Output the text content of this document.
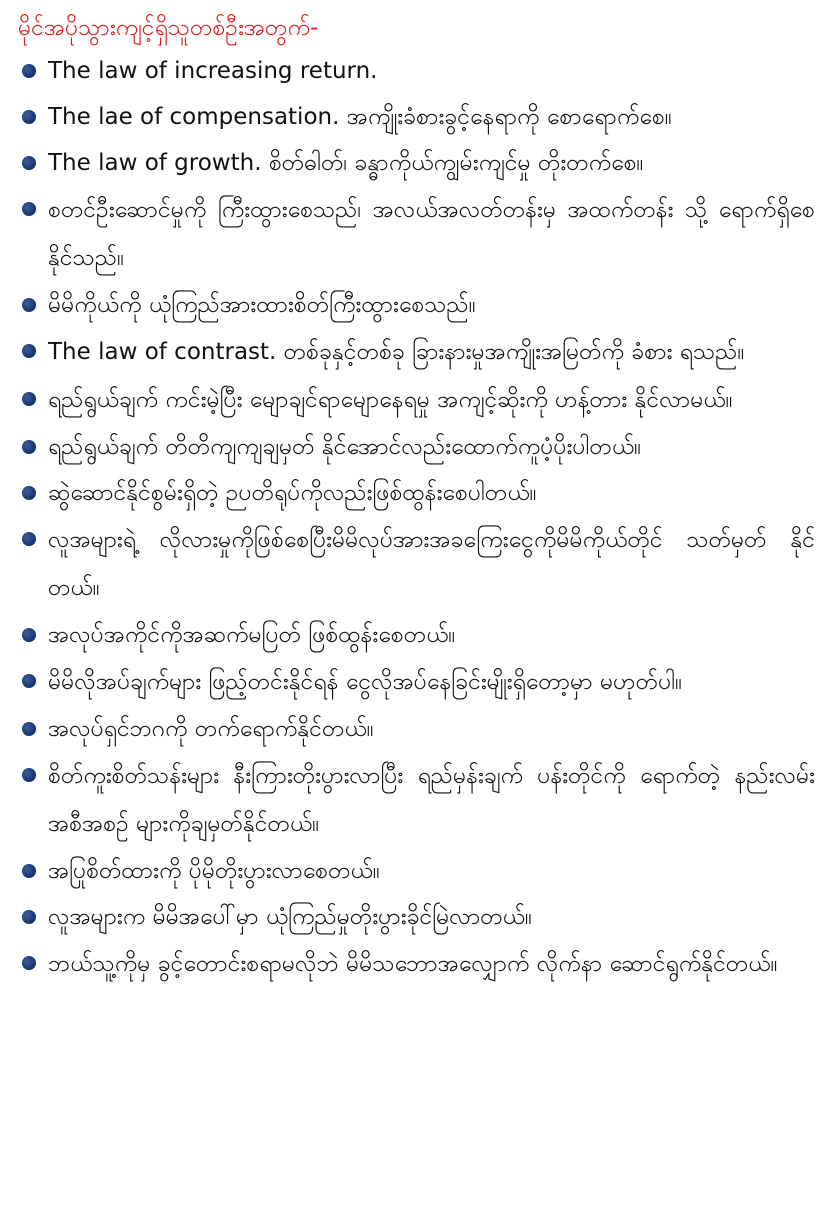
မိုင်အပိုသွားကျင့်ရှိသူတစ်ဦးအတွက်-
The law of increasing return.
The lae of compensation. အကျိုးခံစားခွင့်နေရာကို စောရောက်စေ။
The law of growth. စိတ်ဓါတ်၊ ခန္ဓာကိုယ်ကျွမ်းကျင်မှု တိုးတက်စေ။
စတင်ဦးဆောင်မှုကို ကြီးထွားစေသည်၊ အလယ်အလတ်တန်းမှ အထက်တန်း သို့ ရောက်ရှိစေနိုင်သည်။
မိမိကိုယ်ကို ယုံကြည်အားထားစိတ်ကြီးထွားစေသည်။
The law of contrast. တစ်ခုနှင့်တစ်ခု ခြားနားမှုအကျိုးအမြတ်ကို ခံစား ရသည်။
ရည်ရွယ်ချက် ကင်းမဲ့ပြီး မျောချင်ရာမျောနေရမှု အကျင့်ဆိုးကို ဟန့်တား နိုင်လာမယ်။
ရည်ရွယ်ချက် တိတိကျကျချမှတ် နိုင်အောင်လည်းထောက်ကူပံ့ပိုးပါတယ်။
ဆွဲဆောင်နိုင်စွမ်းရှိတဲ့ ဉပတိရုပ်ကိုလည်းဖြစ်ထွန်းစေပါတယ်။
လူအများရဲ့ လိုလားမှုကိုဖြစ်စေပြီးမိမိလုပ်အားအခကြေးငွေကိုမိမိကိုယ်တိုင် သတ်မှတ် နိုင်တယ်။
အလုပ်အကိုင်ကိုအဆက်မပြတ် ဖြစ်ထွန်းစေတယ်။
မိမိလိုအပ်ချက်များ ဖြည့်တင်းနိုင်ရန် ငွေလိုအပ်နေခြင်းမျိုးရှိတော့မှာ မဟုတ်ပါ။
အလုပ်ရှင်ဘဂကို တက်ရောက်နိုင်တယ်။
စိတ်ကူးစိတ်သန်းများ နီးကြားတိုးပွားလာပြီး ရည်မှန်းချက် ပန်းတိုင်ကို ရောက်တဲ့ နည်းလမ်း အစီအစဉ် များကိုချမှတ်နိုင်တယ်။
အပြုစိတ်ထားကို ပိုမိုတိုးပွားလာစေတယ်။
လူအများက မိမိအပေါ်မှာ ယုံကြည်မှုတိုးပွားခိုင်မြဲလာတယ်။
ဘယ်သူ့ကိုမှ ခွင့်တောင်းစရာမလိုဘဲ မိမိသဘောအလျှောက် လိုက်နာ ဆောင်ရွက်နိုင်တယ်။
